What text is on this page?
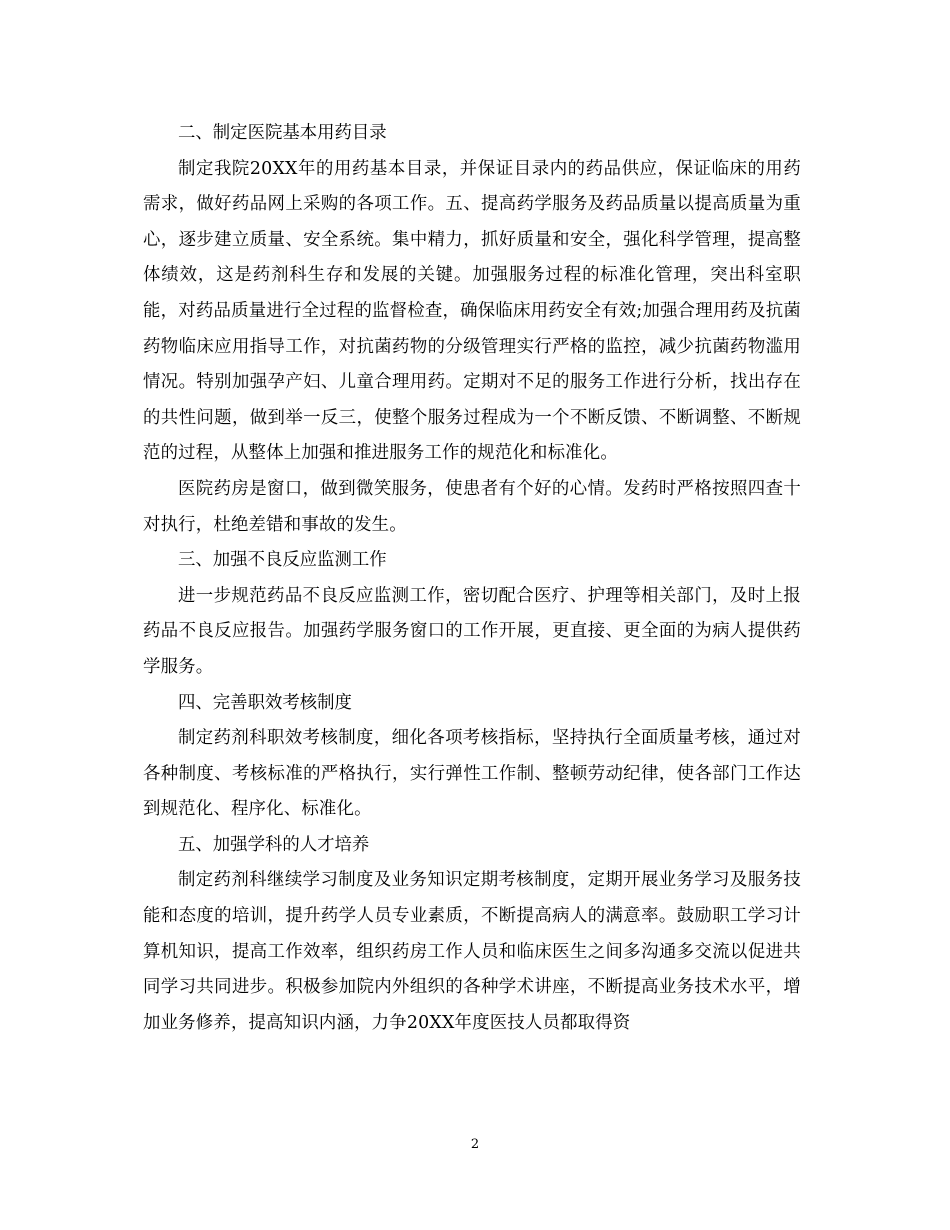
二、制定医院基本用药目录

制定我院20XX年的用药基本目录，并保证目录内的药品供应，保证临床的用药需求，做好药品网上采购的各项工作。五、提高药学服务及药品质量以提高质量为重心，逐步建立质量、安全系统。集中精力，抓好质量和安全，强化科学管理，提高整体绩效，这是药剂科生存和发展的关键。加强服务过程的标准化管理，突出科室职能，对药品质量进行全过程的监督检查，确保临床用药安全有效;加强合理用药及抗菌药物临床应用指导工作，对抗菌药物的分级管理实行严格的监控，减少抗菌药物滥用情况。特别加强孕产妇、儿童合理用药。定期对不足的服务工作进行分析，找出存在的共性问题，做到举一反三，使整个服务过程成为一个不断反馈、不断调整、不断规范的过程，从整体上加强和推进服务工作的规范化和标准化。

医院药房是窗口，做到微笑服务，使患者有个好的心情。发药时严格按照四查十对执行，杜绝差错和事故的发生。

三、加强不良反应监测工作

进一步规范药品不良反应监测工作，密切配合医疗、护理等相关部门，及时上报药品不良反应报告。加强药学服务窗口的工作开展，更直接、更全面的为病人提供药学服务。

四、完善职效考核制度

制定药剂科职效考核制度，细化各项考核指标，坚持执行全面质量考核，通过对各种制度、考核标准的严格执行，实行弹性工作制、整顿劳动纪律，使各部门工作达到规范化、程序化、标准化。

五、加强学科的人才培养

制定药剂科继续学习制度及业务知识定期考核制度，定期开展业务学习及服务技能和态度的培训，提升药学人员专业素质，不断提高病人的满意率。鼓励职工学习计算机知识，提高工作效率，组织药房工作人员和临床医生之间多沟通多交流以促进共同学习共同进步。积极参加院内外组织的各种学术讲座，不断提高业务技术水平，增加业务修养，提高知识内涵，力争20XX年度医技人员都取得资

2
